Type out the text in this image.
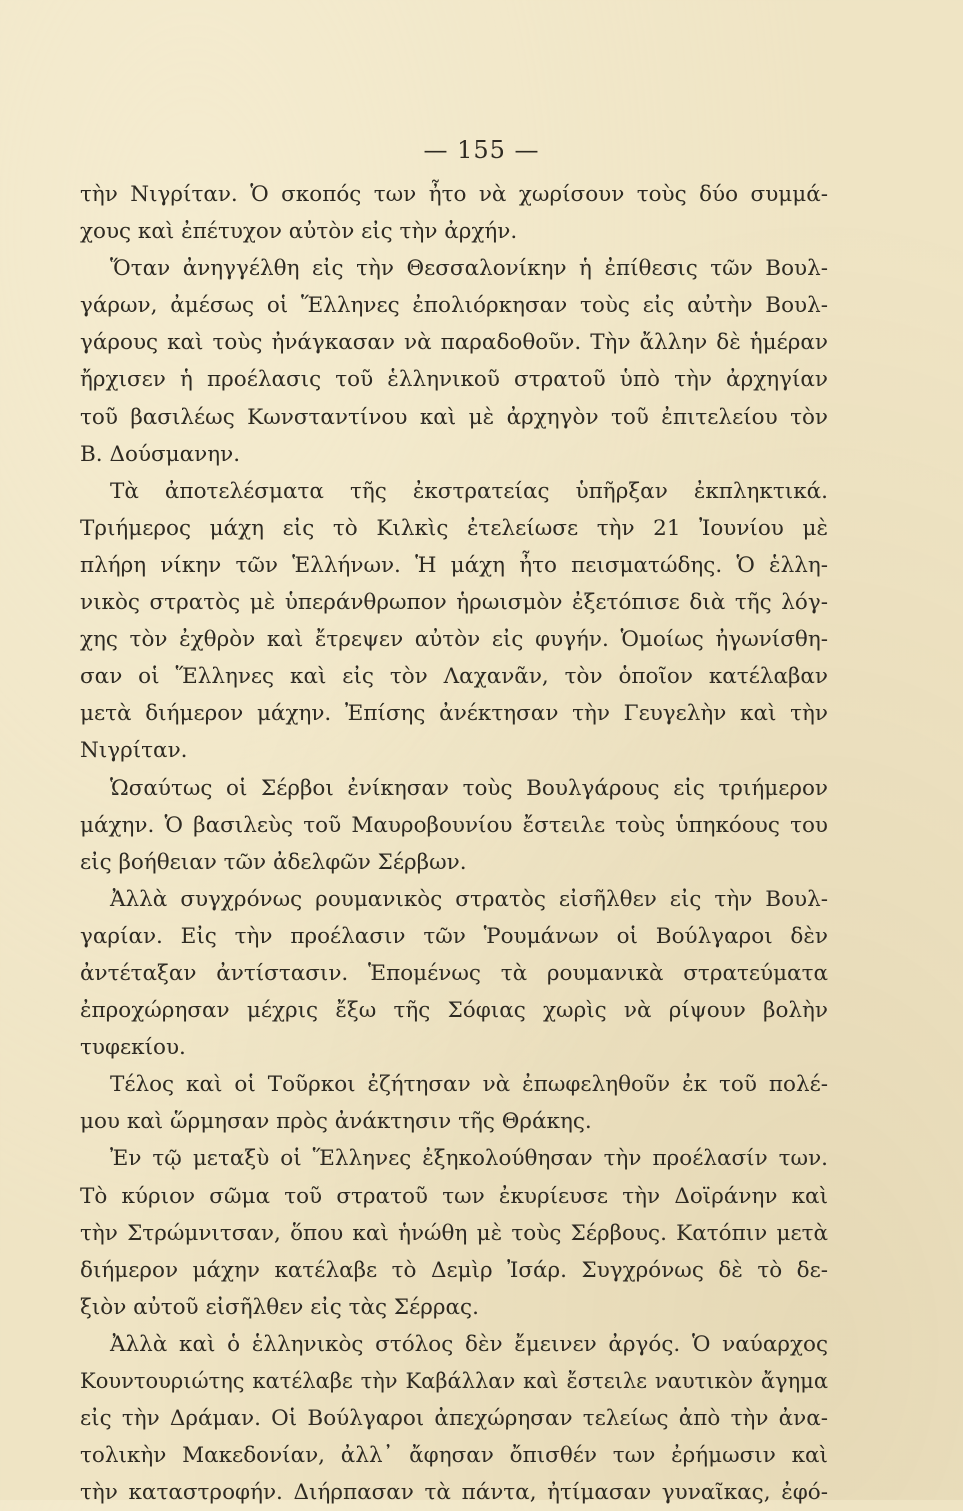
— 155 —
τὴν Νιγρίταν. Ὁ σκοπός των ἦτο νὰ χωρίσουν τοὺς δύο συμμά-
χους καὶ ἐπέτυχον αὐτὸν εἰς τὴν ἀρχήν.
Ὅταν ἀνηγγέλθη εἰς τὴν Θεσσαλονίκην ἡ ἐπίθεσις τῶν Βουλ-
γάρων, ἀμέσως οἱ Ἕλληνες ἐπολιόρκησαν τοὺς εἰς αὐτὴν Βουλ-
γάρους καὶ τοὺς ἠνάγκασαν νὰ παραδοθοῦν. Τὴν ἄλλην δὲ ἡμέραν
ἤρχισεν ἡ προέλασις τοῦ ἑλληνικοῦ στρατοῦ ὑπὸ τὴν ἀρχηγίαν
τοῦ βασιλέως Κωνσταντίνου καὶ μὲ ἀρχηγὸν τοῦ ἐπιτελείου τὸν
Β. Δούσμανην.
Τὰ ἀποτελέσματα τῆς ἐκστρατείας ὑπῆρξαν ἐκπληκτικά.
Τριήμερος μάχη εἰς τὸ Κιλκὶς ἐτελείωσε τὴν 21 Ἰουνίου μὲ
πλήρη νίκην τῶν Ἑλλήνων. Ἡ μάχη ἦτο πεισματώδης. Ὁ ἑλλη-
νικὸς στρατὸς μὲ ὑπεράνθρωπον ἡρωισμὸν ἐξετόπισε διὰ τῆς λόγ-
χης τὸν ἐχθρὸν καὶ ἔτρεψεν αὐτὸν εἰς φυγήν. Ὁμοίως ἠγωνίσθη-
σαν οἱ Ἕλληνες καὶ εἰς τὸν Λαχανᾶν, τὸν ὁποῖον κατέλαβαν
μετὰ διήμερον μάχην. Ἐπίσης ἀνέκτησαν τὴν Γευγελὴν καὶ τὴν
Νιγρίταν.
Ὡσαύτως οἱ Σέρβοι ἐνίκησαν τοὺς Βουλγάρους εἰς τριήμερον
μάχην. Ὁ βασιλεὺς τοῦ Μαυροβουνίου ἔστειλε τοὺς ὑπηκόους του
εἰς βοήθειαν τῶν ἀδελφῶν Σέρβων.
Ἀλλὰ συγχρόνως ρουμανικὸς στρατὸς εἰσῆλθεν εἰς τὴν Βουλ-
γαρίαν. Εἰς τὴν προέλασιν τῶν Ῥουμάνων οἱ Βούλγαροι δὲν
ἀντέταξαν ἀντίστασιν. Ἑπομένως τὰ ρουμανικὰ στρατεύματα
ἐπροχώρησαν μέχρις ἔξω τῆς Σόφιας χωρὶς νὰ ρίψουν βολὴν
τυφεκίου.
Τέλος καὶ οἱ Τοῦρκοι ἐζήτησαν νὰ ἐπωφεληθοῦν ἐκ τοῦ πολέ-
μου καὶ ὥρμησαν πρὸς ἀνάκτησιν τῆς Θράκης.
Ἐν τῷ μεταξὺ οἱ Ἕλληνες ἐξηκολούθησαν τὴν προέλασίν των.
Τὸ κύριον σῶμα τοῦ στρατοῦ των ἐκυρίευσε τὴν Δοϊράνην καὶ
τὴν Στρώμνιτσαν, ὅπου καὶ ἡνώθη μὲ τοὺς Σέρβους. Κατόπιν μετὰ
διήμερον μάχην κατέλαβε τὸ Δεμὶρ Ἰσάρ. Συγχρόνως δὲ τὸ δε-
ξιὸν αὐτοῦ εἰσῆλθεν εἰς τὰς Σέρρας.
Ἀλλὰ καὶ ὁ ἑλληνικὸς στόλος δὲν ἔμεινεν ἀργός. Ὁ ναύαρχος
Κουντουριώτης κατέλαβε τὴν Καβάλλαν καὶ ἔστειλε ναυτικὸν ἄγημα
εἰς τὴν Δράμαν. Οἱ Βούλγαροι ἀπεχώρησαν τελείως ἀπὸ τὴν ἀνα-
τολικὴν Μακεδονίαν, ἀλλ᾽ ἄφησαν ὄπισθέν των ἐρήμωσιν καὶ
τὴν καταστροφήν. Διήρπασαν τὰ πάντα, ἠτίμασαν γυναῖκας, ἐφό-
